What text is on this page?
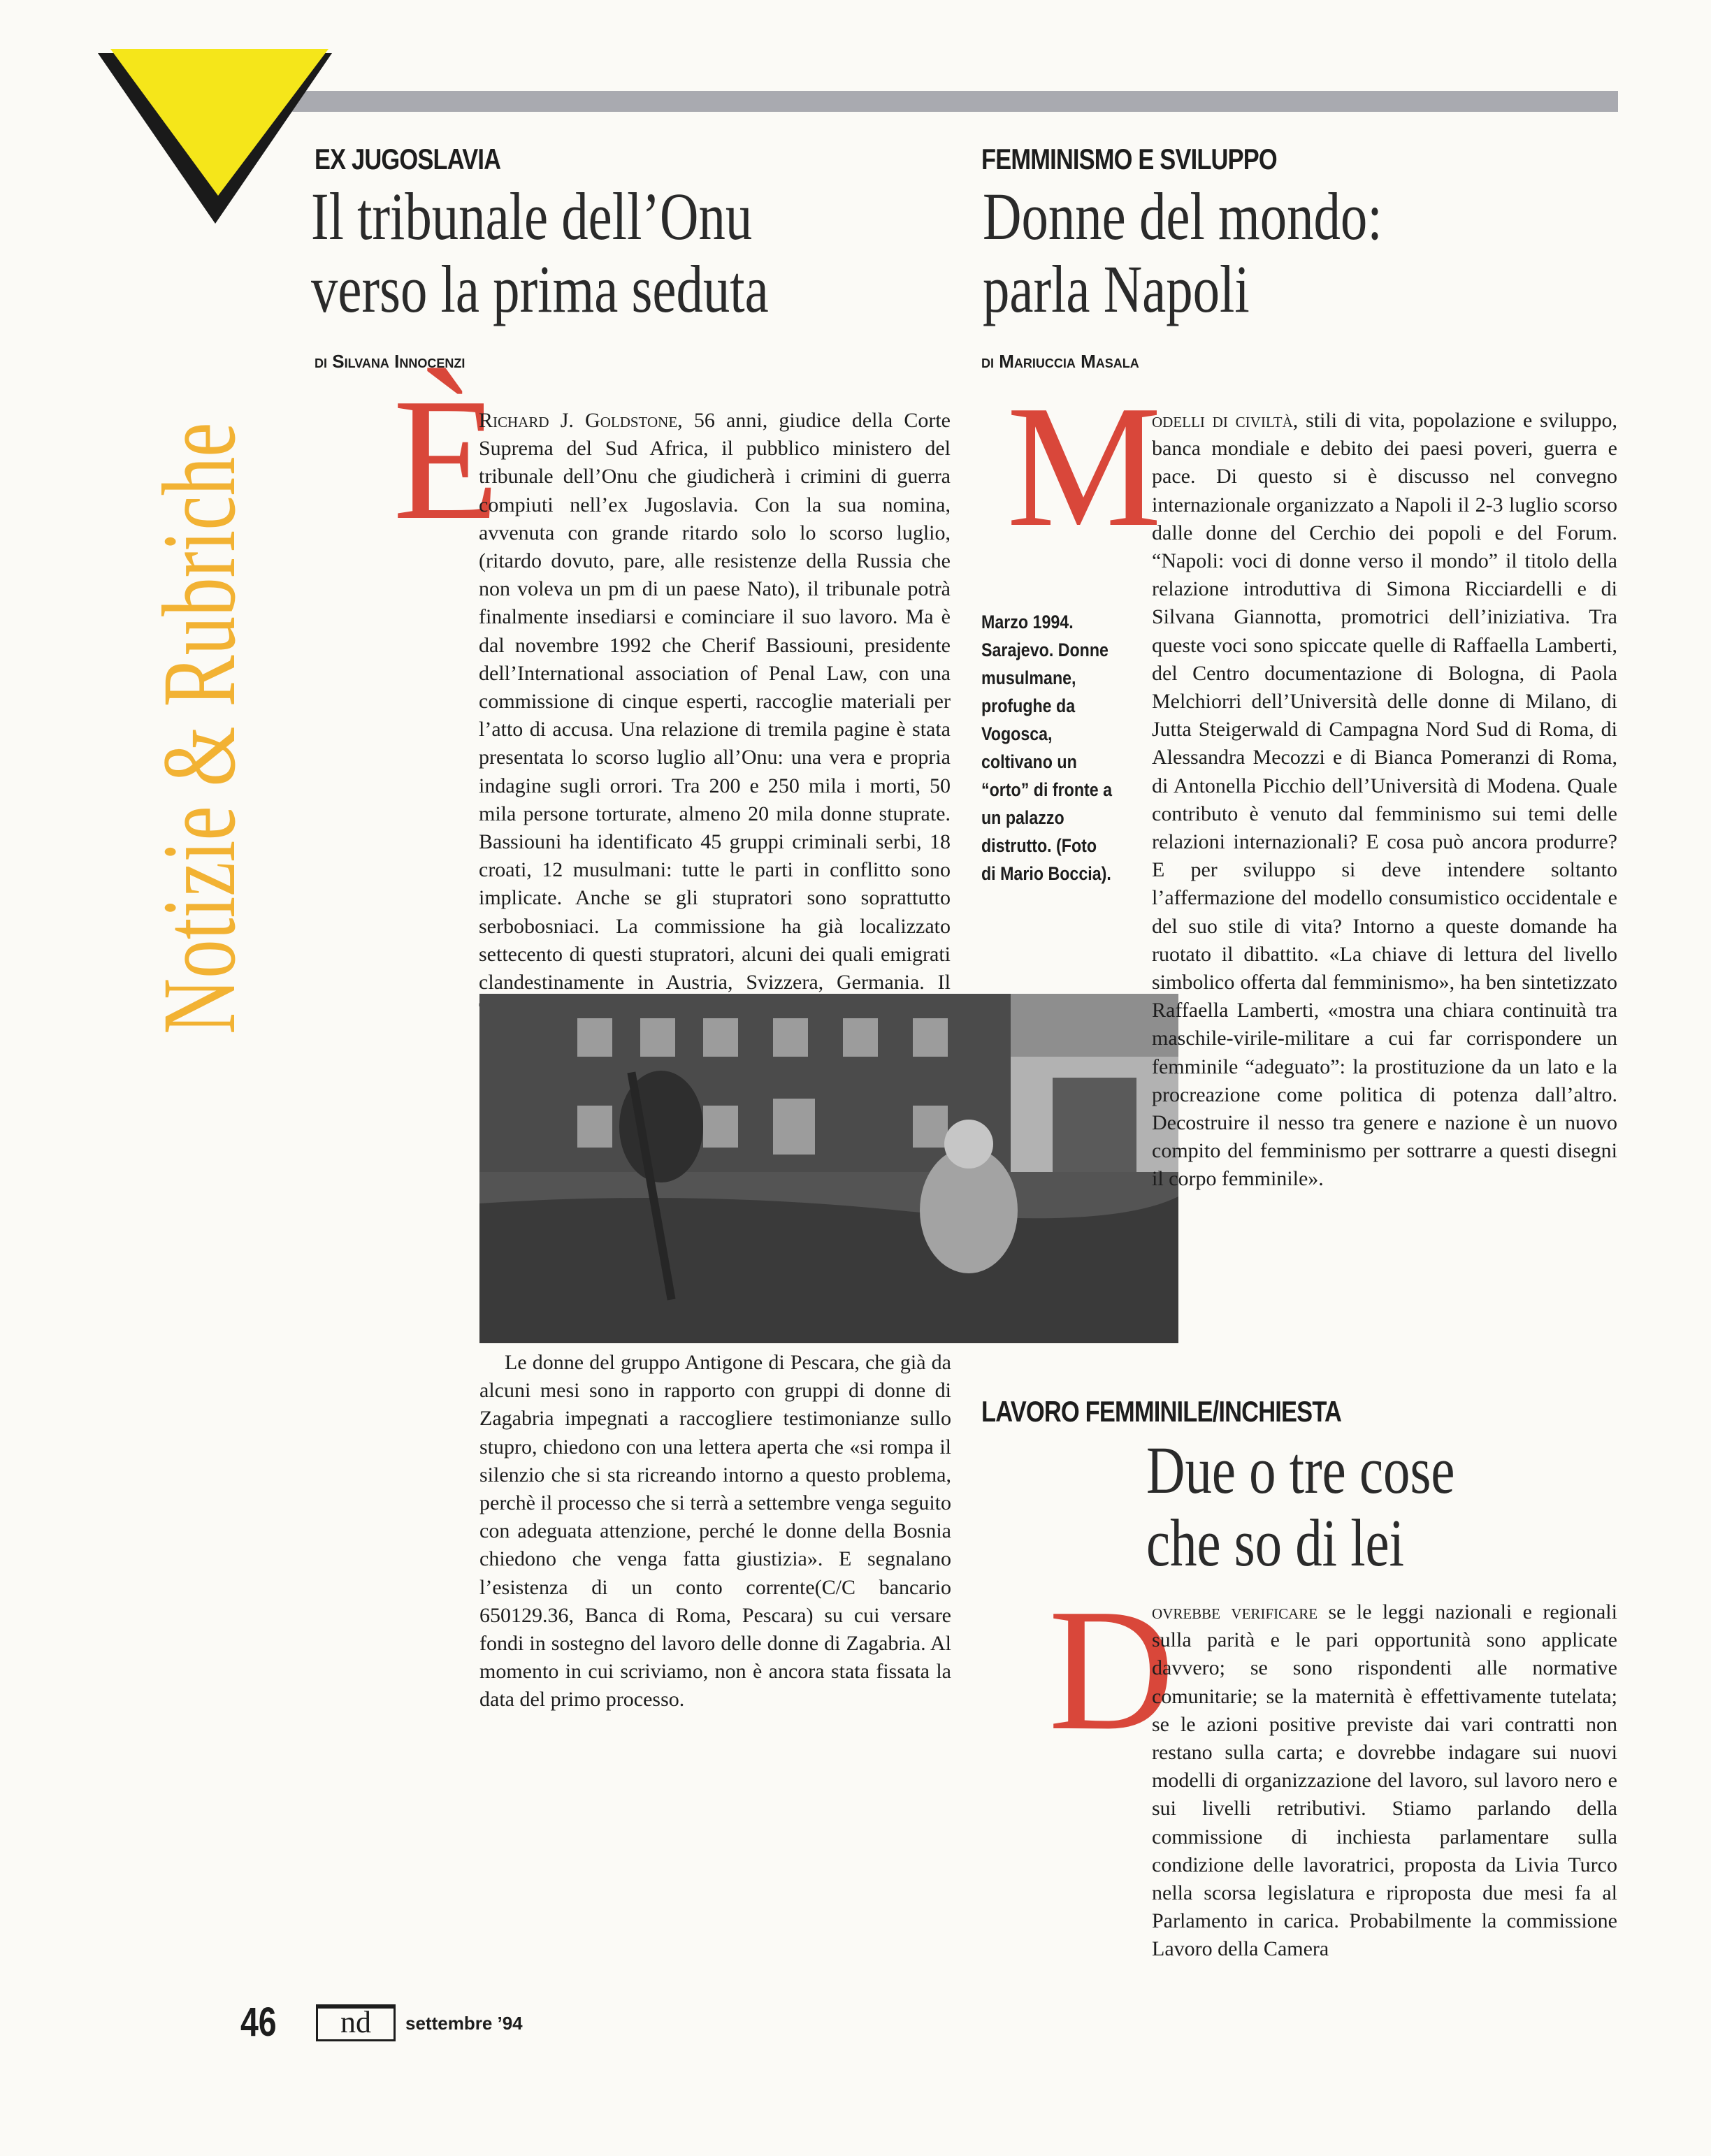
Notizie & Rubriche
EX JUGOSLAVIA
Il tribunale dell’Onu
verso la prima seduta
di Silvana Innocenzi
È

Richard J. Goldstone, 56 anni, giudice della Corte Suprema del Sud Africa, il pubblico ministero del tribunale dell’Onu che giudicherà i crimini di guerra compiuti nell’ex Jugoslavia. Con la sua nomina, avvenuta con grande ritardo solo lo scorso luglio, (ritardo dovuto, pare, alle resistenze della Russia che non voleva un pm di un paese Nato), il tribunale potrà finalmente insediarsi e cominciare il suo lavoro. Ma è dal novembre 1992 che Cherif Bassiouni, presidente dell’International association of Penal Law, con una commissione di cinque esperti, raccoglie materiali per l’atto di accusa. Una relazione di tremila pagine è stata presentata lo scorso luglio all’Onu: una vera e propria indagine sugli orrori. Tra 200 e 250 mila i morti, 50 mila persone torturate, almeno 20 mila donne stuprate. Bassiouni ha identificato 45 gruppi criminali serbi, 18 croati, 12 musulmani: tutte le parti in conflitto sono implicate. Anche se gli stupratori sono soprattutto serbobosniaci. La commissione ha già localizzato settecento di questi stupratori, alcuni dei quali emigrati clandestinamente in Austria, Svizzera, Germania. Il

Le donne del gruppo Antigone di Pescara, che già da alcuni mesi sono in rapporto con gruppi di donne di Zagabria impegnati a raccogliere testimonianze sullo stupro, chiedono con una lettera aperta che «si rompa il silenzio che si sta ricreando intorno a questo problema, perchè il processo che si terrà a settembre venga seguito con adeguata attenzione, perché le donne della Bosnia chiedono che venga fatta giustizia». E segnalano l’esistenza di un conto corrente(C/C bancario 650129.36, Banca di Roma, Pescara) su cui versare fondi in sostegno del lavoro delle donne di Zagabria. Al momento in cui scriviamo, non è ancora stata fissata la data del primo processo.

Marzo 1994. Sarajevo. Donne musulmane, profughe da Vogosca, coltivano un “orto” di fronte a un palazzo distrutto. (Foto di Mario Boccia).
FEMMINISMO E SVILUPPO
Donne del mondo:
parla Napoli
di Mariuccia Masala
M

odelli di civiltà, stili di vita, popolazione e sviluppo, banca mondiale e debito dei paesi poveri, guerra e pace. Di questo si è discusso nel convegno internazionale organizzato a Napoli il 2-3 luglio scorso dalle donne del Cerchio dei popoli e del Forum. “Napoli: voci di donne verso il mondo” il titolo della relazione introduttiva di Simona Ricciardelli e di Silvana Giannotta, promotrici dell’iniziativa. Tra queste voci sono spiccate quelle di Raffaella Lamberti, del Centro documentazione di Bologna, di Paola Melchiorri dell’Università delle donne di Milano, di Jutta Steigerwald di Campagna Nord Sud di Roma, di Alessandra Mecozzi e di Bianca Pomeranzi di Roma, di Antonella Picchio dell’Università di Modena. Quale contributo è venuto dal femminismo sui temi delle relazioni internazionali? E cosa può ancora produrre? E per sviluppo si deve intendere soltanto l’affermazione del modello consumistico occidentale e del suo stile di vita? Intorno a queste domande ha ruotato il dibattito. «La chiave di lettura del livello simbolico offerta dal femminismo», ha ben sintetizzato Raffaella Lamberti, «mostra una chiara continuità tra maschile-virile-militare a cui far corrispondere un femminile “adeguato”: la prostituzione da un lato e la procreazione come politica di potenza dall’altro. Decostruire il nesso tra genere e nazione è un nuovo compito del femminismo per sottrarre a questi disegni il corpo femminile».

LAVORO FEMMINILE/INCHIESTA
Due o tre cose
che so di lei
D

ovrebbe verificare se le leggi nazionali e regionali sulla parità e le pari opportunità sono applicate davvero; se sono rispondenti alle normative comunitarie; se la maternità è effettivamente tutelata; se le azioni positive previste dai vari contratti non restano sulla carta; e dovrebbe indagare sui nuovi modelli di organizzazione del lavoro, sul lavoro nero e sui livelli retributivi. Stiamo parlando della commissione di inchiesta parlamentare sulla condizione delle lavoratrici, proposta da Livia Turco nella scorsa legislatura e riproposta due mesi fa al Parlamento in carica. Probabilmente la commissione Lavoro della Camera

46	nd	settembre ’94
